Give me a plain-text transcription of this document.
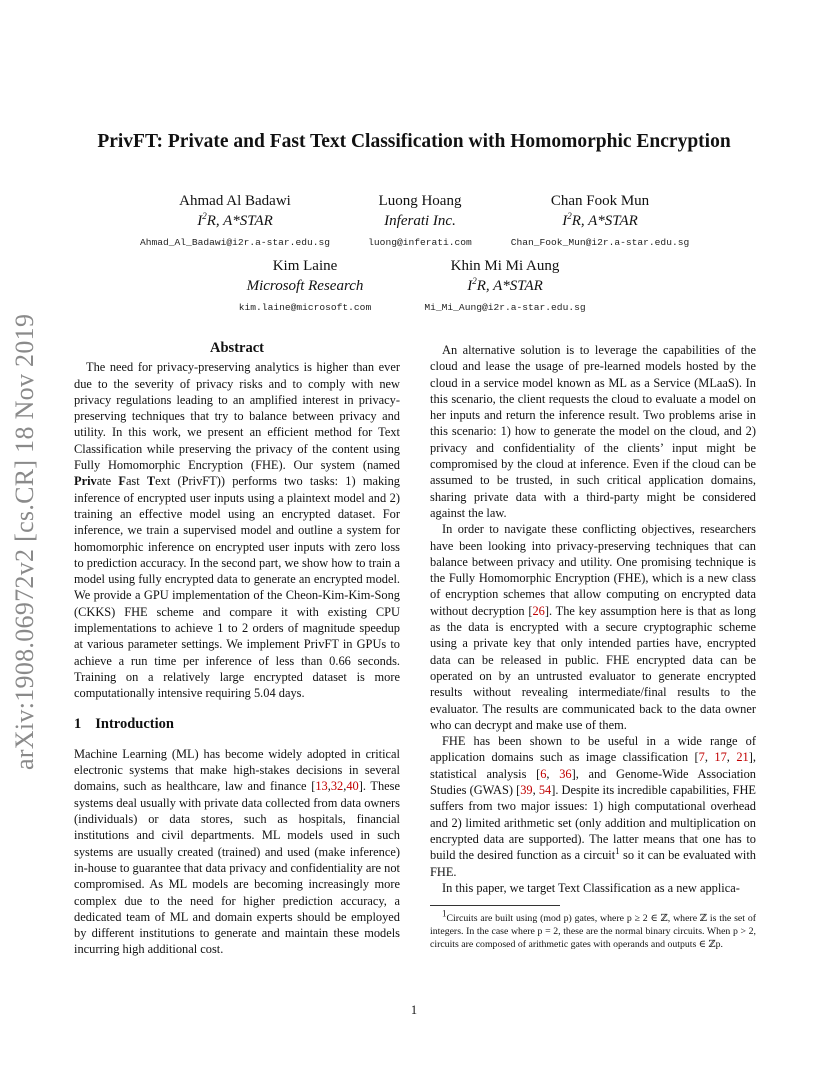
arXiv:1908.06972v2 [cs.CR] 18 Nov 2019
PrivFT: Private and Fast Text Classification with Homomorphic Encryption
Ahmad Al Badawi
$I^2R$, A*STAR
Ahmad_Al_Badawi@i2r.a-star.edu.sg
Luong Hoang
Inferati Inc.
luong@inferati.com
Chan Fook Mun
$I^2R$, A*STAR
Chan_Fook_Mun@i2r.a-star.edu.sg
Kim Laine
Microsoft Research
kim.laine@microsoft.com
Khin Mi Mi Aung
$I^2R$, A*STAR
Mi_Mi_Aung@i2r.a-star.edu.sg
Abstract

The need for privacy-preserving analytics is higher than ever due to the severity of privacy risks and to comply with new privacy regulations leading to an amplified interest in privacy-preserving techniques that try to balance between privacy and utility. In this work, we present an efficient method for Text Classification while preserving the privacy of the content using Fully Homomorphic Encryption (FHE). Our system (named Private Fast Text (PrivFT)) performs two tasks: 1) making inference of encrypted user inputs using a plaintext model and 2) training an effective model using an encrypted dataset. For inference, we train a supervised model and outline a system for homomorphic inference on encrypted user inputs with zero loss to prediction accuracy. In the second part, we show how to train a model using fully encrypted data to generate an encrypted model. We provide a GPU implementation of the Cheon-Kim-Kim-Song (CKKS) FHE scheme and compare it with existing CPU implementations to achieve 1 to 2 orders of magnitude speedup at various parameter settings. We implement PrivFT in GPUs to achieve a run time per inference of less than 0.66 seconds. Training on a relatively large encrypted dataset is more computationally intensive requiring 5.04 days.

1 Introduction

Machine Learning (ML) has become widely adopted in critical electronic systems that make high-stakes decisions in several domains, such as healthcare, law and finance [13,32,40]. These systems deal usually with private data collected from data owners (individuals) or data stores, such as hospitals, financial institutions and civil departments. ML models used in such systems are usually created (trained) and used (make inference) in-house to guarantee that data privacy and confidentiality are not compromised. As ML models are becoming increasingly more complex due to the need for higher prediction accuracy, a dedicated team of ML and domain experts should be employed by different institutions to generate and maintain these models incurring high additional cost.

An alternative solution is to leverage the capabilities of the cloud and lease the usage of pre-learned models hosted by the cloud in a service model known as ML as a Service (MLaaS). In this scenario, the client requests the cloud to evaluate a model on her inputs and return the inference result. Two problems arise in this scenario: 1) how to generate the model on the cloud, and 2) privacy and confidentiality of the clients’ input might be compromised by the cloud at inference. Even if the cloud can be assumed to be trusted, in such critical application domains, sharing private data with a third-party might be considered against the law.

In order to navigate these conflicting objectives, researchers have been looking into privacy-preserving techniques that can balance between privacy and utility. One promising technique is the Fully Homomorphic Encryption (FHE), which is a new class of encryption schemes that allow computing on encrypted data without decryption [26]. The key assumption here is that as long as the data is encrypted with a secure cryptographic scheme using a private key that only intended parties have, encrypted data can be released in public. FHE encrypted data can be operated on by an untrusted evaluator to generate encrypted results without revealing intermediate/final results to the evaluator. The results are communicated back to the data owner who can decrypt and make use of them.

FHE has been shown to be useful in a wide range of application domains such as image classification [7, 17, 21], statistical analysis [6, 36], and Genome-Wide Association Studies (GWAS) [39, 54]. Despite its incredible capabilities, FHE suffers from two major issues: 1) high computational overhead and 2) limited arithmetic set (only addition and multiplication on encrypted data are supported). The latter means that one has to build the desired function as a circuit$^1$ so it can be evaluated with FHE.

In this paper, we target Text Classification as a new applica-

$^1$Circuits are built using (mod p) gates, where p ≥ 2 ∈ ℤ, where ℤ is the set of integers. In the case where p = 2, these are the normal binary circuits. When p > 2, circuits are composed of arithmetic gates with operands and outputs ∈ ℤp.
1
